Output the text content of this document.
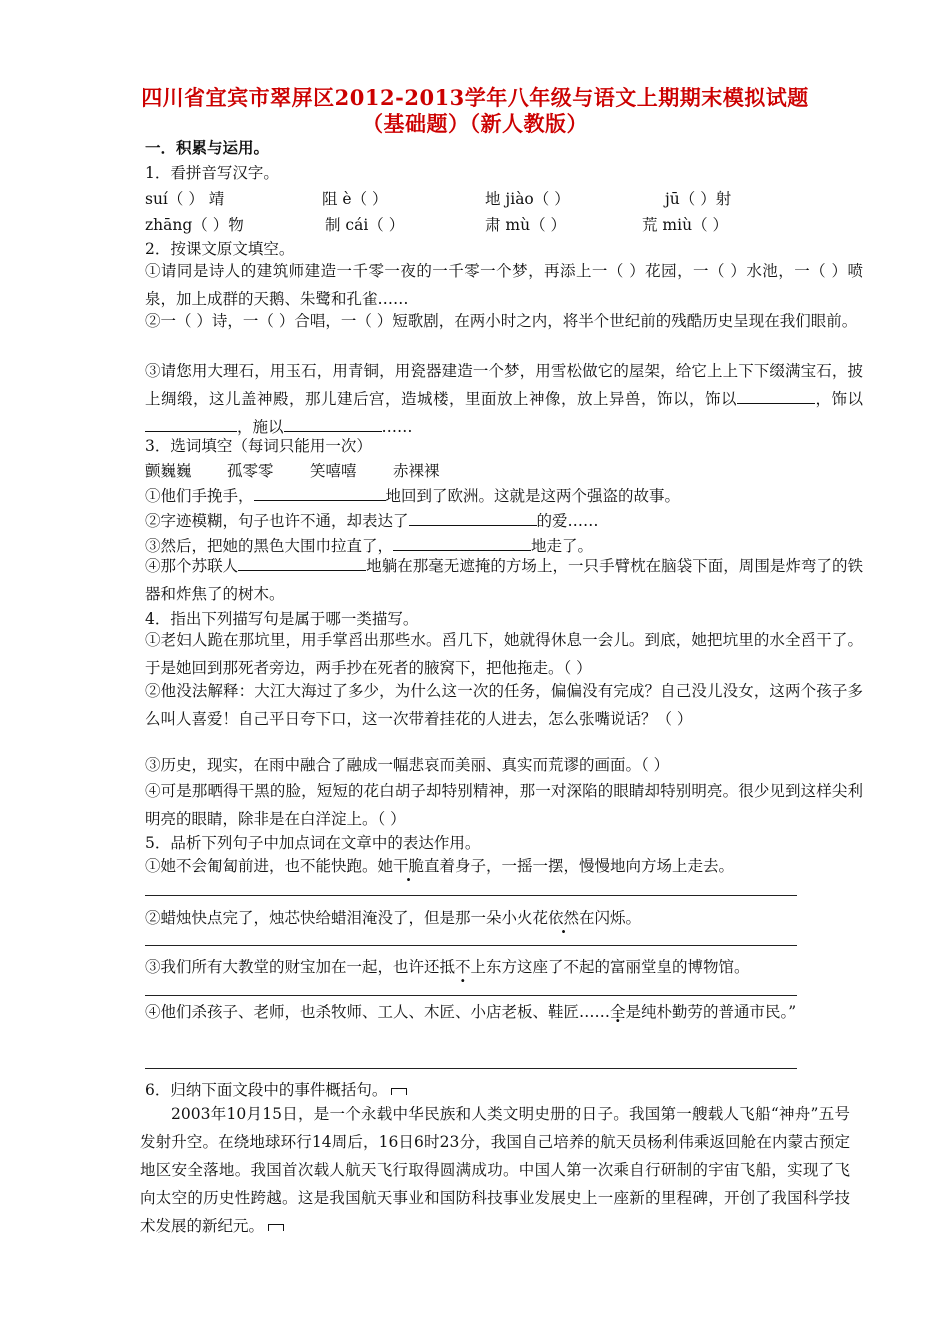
四川省宜宾市翠屏区2012-2013学年八年级与语文上期期末模拟试题
（基础题）（新人教版）
一．积累与运用。
1．看拼音写汉字。
suí（ ） 靖	阻 è（ ）	地 jiào（ ）	jū（ ）射
zhāng（ ）物	制 cái（ ）	肃 mù（ ）	荒 miù（ ）
2．按课文原文填空。
①请同是诗人的建筑师建造一千零一夜的一千零一个梦，再添上一（ ）花园，一（ ）水池，一（ ）喷泉，加上成群的天鹅、朱鹭和孔雀……
②一（ ）诗，一（ ）合唱，一（ ）短歌剧，在两小时之内，将半个世纪前的残酷历史呈现在我们眼前。
③请您用大理石，用玉石，用青铜，用瓷器建造一个梦，用雪松做它的屋架，给它上上下下缀满宝石，披上绸缎，这儿盖神殿，那儿建后宫，造城楼，里面放上神像，放上异兽，饰以，饰以	，饰以，施以	……
3．选词填空（每词只能用一次）
颤巍巍 孤零零 笑嘻嘻 赤裸裸
①他们手挽手，	地回到了欧洲。这就是这两个强盗的故事。
②字迹模糊，句子也许不通，却表达了	的爱……
③然后，把她的黑色大围巾拉直了，	地走了。
④那个苏联人	地躺在那毫无遮掩的方场上，一只手臂枕在脑袋下面，周围是炸弯了的铁器和炸焦了的树木。
4．指出下列描写句是属于哪一类描写。
①老妇人跪在那坑里，用手掌舀出那些水。舀几下，她就得休息一会儿。到底，她把坑里的水全舀干了。于是她回到那死者旁边，两手抄在死者的腋窝下，把他拖走。（ ）
②他没法解释：大江大海过了多少，为什么这一次的任务，偏偏没有完成？自己没儿没女，这两个孩子多么叫人喜爱！自己平日夸下口，这一次带着挂花的人进去，怎么张嘴说话？（ ）
③历史，现实，在雨中融合了融成一幅悲哀而美丽、真实而荒谬的画面。（ ）
④可是那晒得干黑的脸，短短的花白胡子却特别精神，那一对深陷的眼睛却特别明亮。很少见到这样尖利明亮的眼睛，除非是在白洋淀上。（ ）
5．品析下列句子中加点词在文章中的表达作用。
①她不会匍匐前进，也不能快跑。她干脆直着身子，一摇一摆，慢慢地向方场上走去。
②蜡烛快点完了，烛芯快给蜡泪淹没了，但是那一朵小火花依然在闪烁。
③我们所有大教堂的财宝加在一起，也许还抵不上东方这座了不起的富丽堂皇的博物馆。
④他们杀孩子、老师，也杀牧师、工人、木匠、小店老板、鞋匠……全是纯朴勤劳的普通市民。”
6．归纳下面文段中的事件概括句。
2003年10月15日，是一个永载中华民族和人类文明史册的日子。我国第一艘载人飞船“神舟”五号发射升空。在绕地球环行14周后，16日6时23分，我国自己培养的航天员杨利伟乘返回舱在内蒙古预定地区安全落地。我国首次载人航天飞行取得圆满成功。中国人第一次乘自行研制的宇宙飞船，实现了飞向太空的历史性跨越。这是我国航天事业和国防科技事业发展史上一座新的里程碑，开创了我国科学技术发展的新纪元。
